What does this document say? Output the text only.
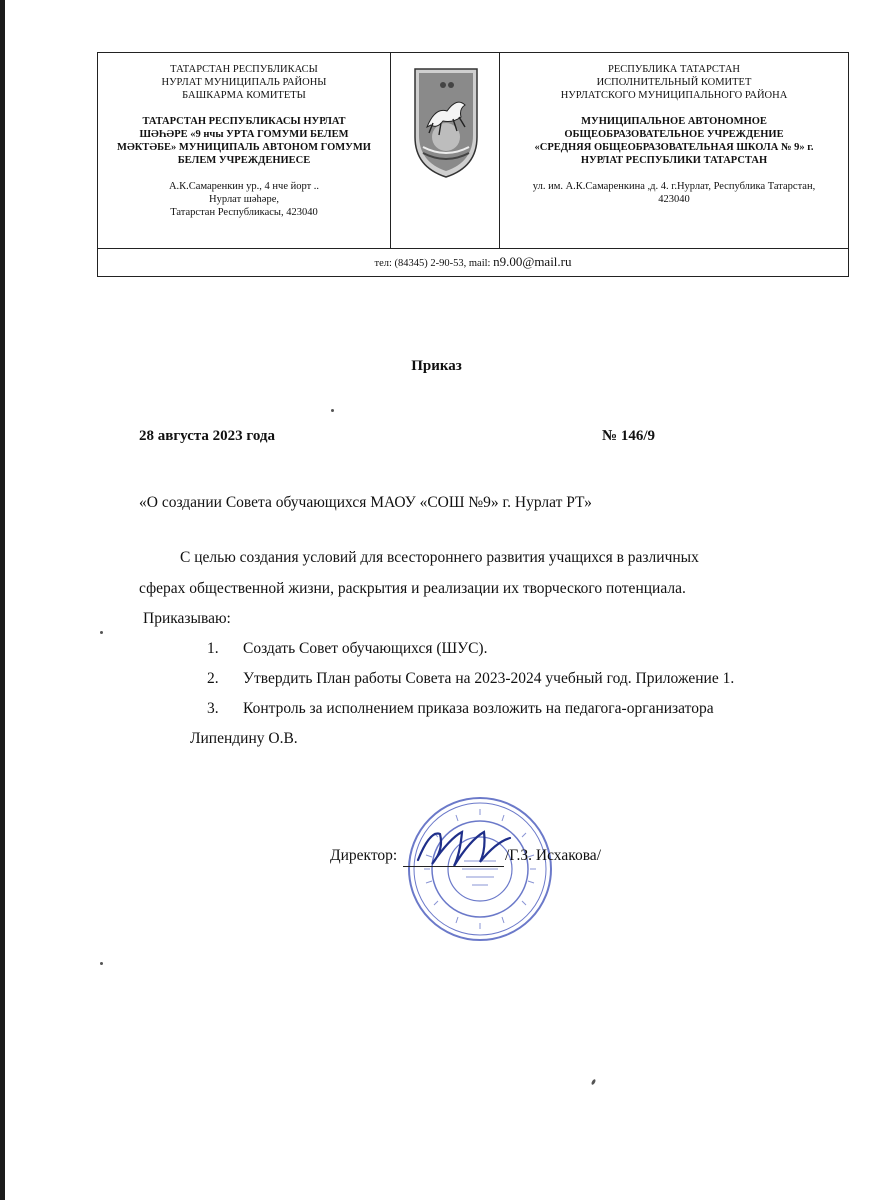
ТАТАРСТАН РЕСПУБЛИКАСЫ
НУРЛАТ МУНИЦИПАЛЬ РАЙОНЫ
БАШКАРМА КОМИТЕТЫ
ТАТАРСТАН РЕСПУБЛИКАСЫ НУРЛАТ
ШӘҺӘРЕ «9 нчы УРТА ГОМУМИ БЕЛЕМ
МӘКТӘБЕ» МУНИЦИПАЛЬ АВТОНОМ ГОМУМИ
БЕЛЕМ УЧРЕЖДЕНИЕСЕ
А.К.Самаренкин ур., 4 нче йорт ..
Нурлат шәһәре,
Татарстан Республикасы, 423040
РЕСПУБЛИКА ТАТАРСТАН
ИСПОЛНИТЕЛЬНЫЙ КОМИТЕТ
НУРЛАТСКОГО МУНИЦИПАЛЬНОГО РАЙОНА
МУНИЦИПАЛЬНОЕ АВТОНОМНОЕ
ОБЩЕОБРАЗОВАТЕЛЬНОЕ УЧРЕЖДЕНИЕ
«СРЕДНЯЯ ОБЩЕОБРАЗОВАТЕЛЬНАЯ ШКОЛА № 9» г.
НУРЛАТ РЕСПУБЛИКИ ТАТАРСТАН
ул. им. А.К.Самаренкина ,д. 4. г.Нурлат, Республика Татарстан,
423040
тел: (84345) 2-90-53, mail: n9.00@mail.ru
Приказ
28 августа 2023 года	№ 146/9
«О создании Совета обучающихся МАОУ «СОШ №9» г. Нурлат РТ»
С целью создания условий для всестороннего развития учащихся в различных
сферах общественной жизни, раскрытия и реализации их творческого потенциала.
Приказываю:
1. Создать Совет обучающихся (ШУС).
2. Утвердить План работы Совета на 2023-2024 учебный год. Приложение 1.
3. Контроль за исполнением приказа возложить на педагога-организатора
Липендину О.В.
Директор:	/Г.З. Исхакова/
